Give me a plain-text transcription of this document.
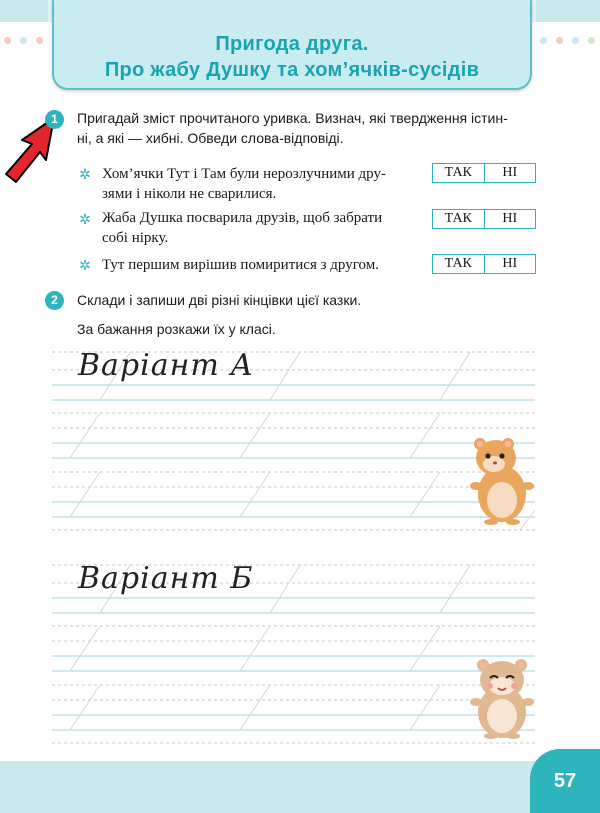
Пригода друга.
Про жабу Душку та хом’ячків-сусідів
1	Пригадай зміст прочитаного уривка. Визнач, які твердження істин-
ні, а які — хибні. Обведи слова-відповіді.
✲ Хом’ячки Тут і Там були нерозлучними дру-
зями і ніколи не сварилися.
ТАК	НІ
✲ Жаба Душка посварила друзів, щоб забрати
собі нірку.
ТАК	НІ
✲ Тут першим вирішив помиритися з другом.	ТАК	НІ
2	Склади і запиши дві різні кінцівки цієї казки.
За бажання розкажи їх у класі.
Варіант А
Варіант Б
57
